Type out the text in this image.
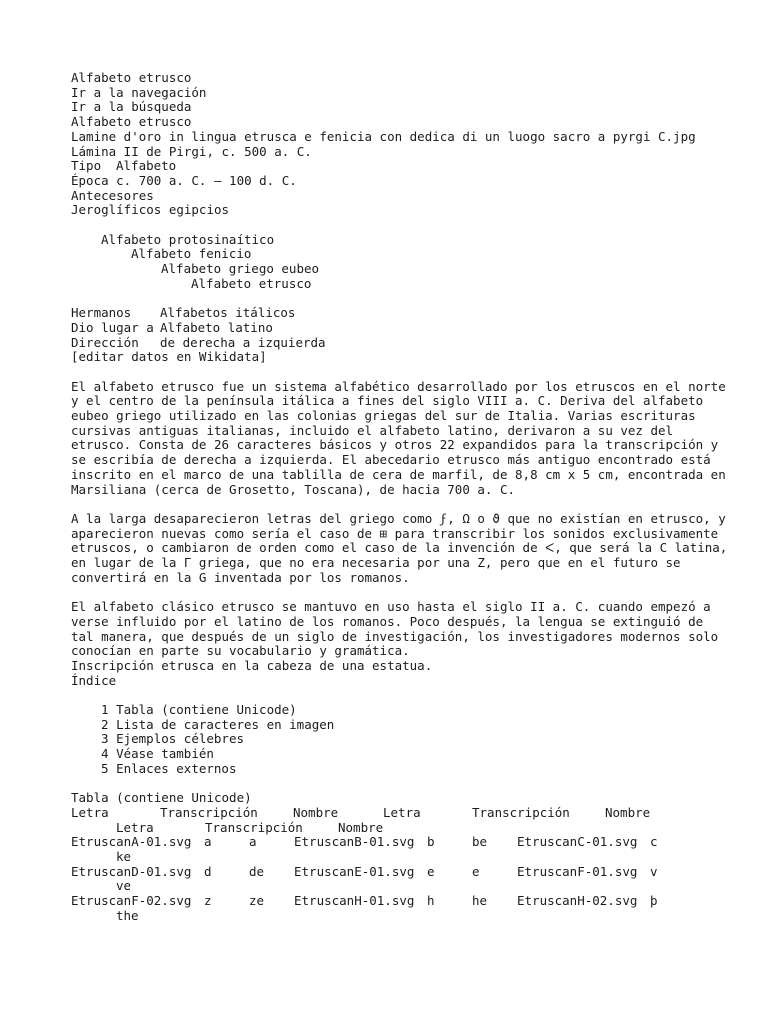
Alfabeto etrusco
Ir a la navegación
Ir a la búsqueda
Alfabeto etrusco
Lamine d'oro in lingua etrusca e fenicia con dedica di un luogo sacro a pyrgi C.jpg
Lámina II de Pirgi, c. 500 a. C.
Tipo	Alfabeto
Época c. 700 a. C. – 100 d. C.
Antecesores
Jeroglíficos egipcios
Alfabeto protosinaítico
Alfabeto fenicio
Alfabeto griego eubeo
Alfabeto etrusco
Hermanos	Alfabetos itálicos
Dio lugar a Alfabeto latino
Dirección	de derecha a izquierda
[editar datos en Wikidata]
El alfabeto etrusco fue un sistema alfabético desarrollado por los etruscos en el norte y el centro de la península itálica a fines del siglo VIII a. C. Deriva del alfabeto eubeo griego utilizado en las colonias griegas del sur de Italia. Varias escrituras cursivas antiguas italianas, incluido el alfabeto latino, derivaron a su vez del etrusco. Consta de 26 caracteres básicos y otros 22 expandidos para la transcripción y se escribía de derecha a izquierda. El abecedario etrusco más antiguo encontrado está inscrito en el marco de una tablilla de cera de marfil, de 8,8 cm x 5 cm, encontrada en Marsiliana (cerca de Grosetto, Toscana), de hacia 700 a. C.
A la larga desaparecieron letras del griego como ϝ, Ω o ϑ que no existían en etrusco, y aparecieron nuevas como sería el caso de ⊞ para transcribir los sonidos exclusivamente etruscos, o cambiaron de orden como el caso de la invención de ᐸ, que será la C latina, en lugar de la Γ griega, que no era necesaria por una Z, pero que en el futuro se convertirá en la G inventada por los romanos.
El alfabeto clásico etrusco se mantuvo en uso hasta el siglo II a. C. cuando empezó a verse influido por el latino de los romanos. Poco después, la lengua se extinguió de tal manera, que después de un siglo de investigación, los investigadores modernos solo conocían en parte su vocabulario y gramática.
Inscripción etrusca en la cabeza de una estatua.
Índice
1 Tabla (contiene Unicode)
2 Lista de caracteres en imagen
3 Ejemplos célebres
4 Véase también
5 Enlaces externos
Tabla (contiene Unicode)
Letra	Transcripción	Nombre	Letra	Transcripción	Nombre
Letra	Transcripción	Nombre
EtruscanA-01.svg	a	a	EtruscanB-01.svg	b	be	EtruscanC-01.svg	c
ke
EtruscanD-01.svg	d	de	EtruscanE-01.svg	e	e	EtruscanF-01.svg	v
ve
EtruscanF-02.svg	z	ze	EtruscanH-01.svg	h	he	EtruscanH-02.svg	þ
the
